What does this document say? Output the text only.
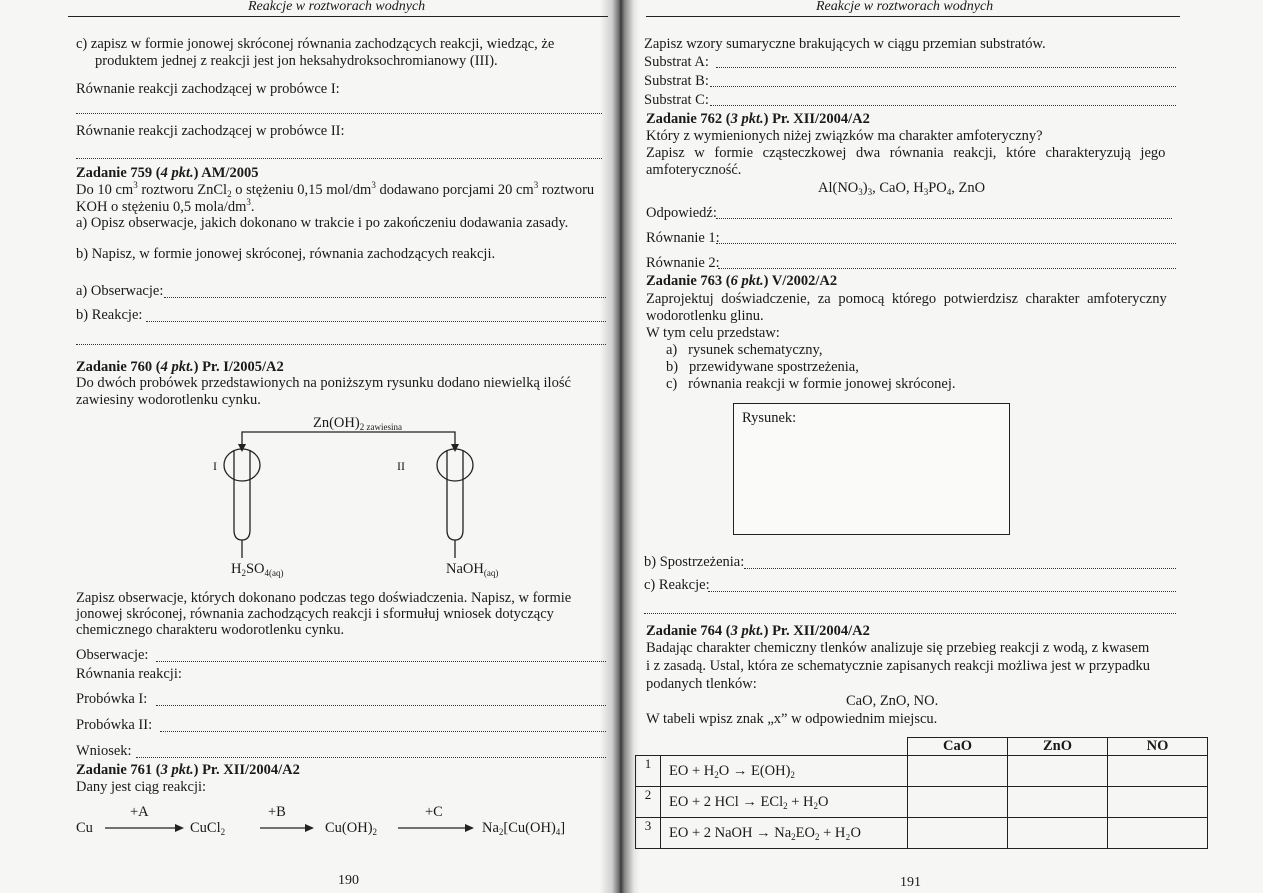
Reakcje w roztworach wodnych
c) zapisz w formie jonowej skróconej równania zachodzących reakcji, wiedząc, że
produktem jednej z reakcji jest jon heksahydroksochromianowy (III).
Równanie reakcji zachodzącej w probówce I:
Równanie reakcji zachodzącej w probówce II:
Zadanie 759 (4 pkt.) AM/2005
Do 10 $cm^3$ roztworu ZnCl$_2$ o stężeniu 0,15 mol/$dm^3$ dodawano porcjami 20 $cm^3$ roztworu
KOH o stężeniu 0,5 mola/$dm^3$.
a) Opisz obserwacje, jakich dokonano w trakcie i po zakończeniu dodawania zasady.
b) Napisz, w formie jonowej skróconej, równania zachodzących reakcji.
a) Obserwacje:
b) Reakcje:
Zadanie 760 (4 pkt.) Pr. I/2005/A2
Do dwóch probówek przedstawionych na poniższym rysunku dodano niewielką ilość
zawiesiny wodorotlenku cynku.
$Zn(OH)_{2 zawiesina}$
I	II
$H_2SO_{4(aq)}$	NaOH$_{(aq)}$
Zapisz obserwacje, których dokonano podczas tego doświadczenia. Napisz, w formie
jonowej skróconej, równania zachodzących reakcji i sformułuj wniosek dotyczący
chemicznego charakteru wodorotlenku cynku.
Obserwacje:
Równania reakcji:
Probówka I:
Probówka II:
Wniosek:
Zadanie 761 (3 pkt.) Pr. XII/2004/A2
Dany jest ciąg reakcji:
Cu
+A
CuCl$_2$
+B
$Cu(OH)_2$
+C
$Na_2[Cu(OH)_4]$
190
Reakcje w roztworach wodnych
Zapisz wzory sumaryczne brakujących w ciągu przemian substratów.
Substrat A:
Substrat B:
Substrat C:
Zadanie 762 (3 pkt.) Pr. XII/2004/A2
Który z wymienionych niżej związków ma charakter amfoteryczny?
Zapisz w formie cząsteczkowej dwa równania reakcji, które charakteryzują jego
amfoteryczność.
$Al(NO_3)_3$, CaO, $H_3PO_4$, ZnO
Odpowiedź:
Równanie 1:
Równanie 2:
Zadanie 763 (6 pkt.) V/2002/A2
Zaprojektuj doświadczenie, za pomocą którego potwierdzisz charakter amfoteryczny
wodorotlenku glinu.
W tym celu przedstaw:
a) rysunek schematyczny,
b) przewidywane spostrzeżenia,
c) równania reakcji w formie jonowej skróconej.
Rysunek:
b) Spostrzeżenia:
c) Reakcje:
Zadanie 764 (3 pkt.) Pr. XII/2004/A2
Badając charakter chemiczny tlenków analizuje się przebieg reakcji z wodą, z kwasem
i z zasadą. Ustal, która ze schematycznie zapisanych reakcji możliwa jest w przypadku
podanych tlenków:
CaO, ZnO, NO.
W tabeli wpisz znak „x” w odpowiednim miejscu.
		CaO	ZnO	NO
1	EO + $H_2O \to E(OH)_2$			
2	EO + 2 HCl → $ECl_2 + H_2O$			
3	EO + 2 NaOH → $Na_2EO_2 + H_2O$			
191
